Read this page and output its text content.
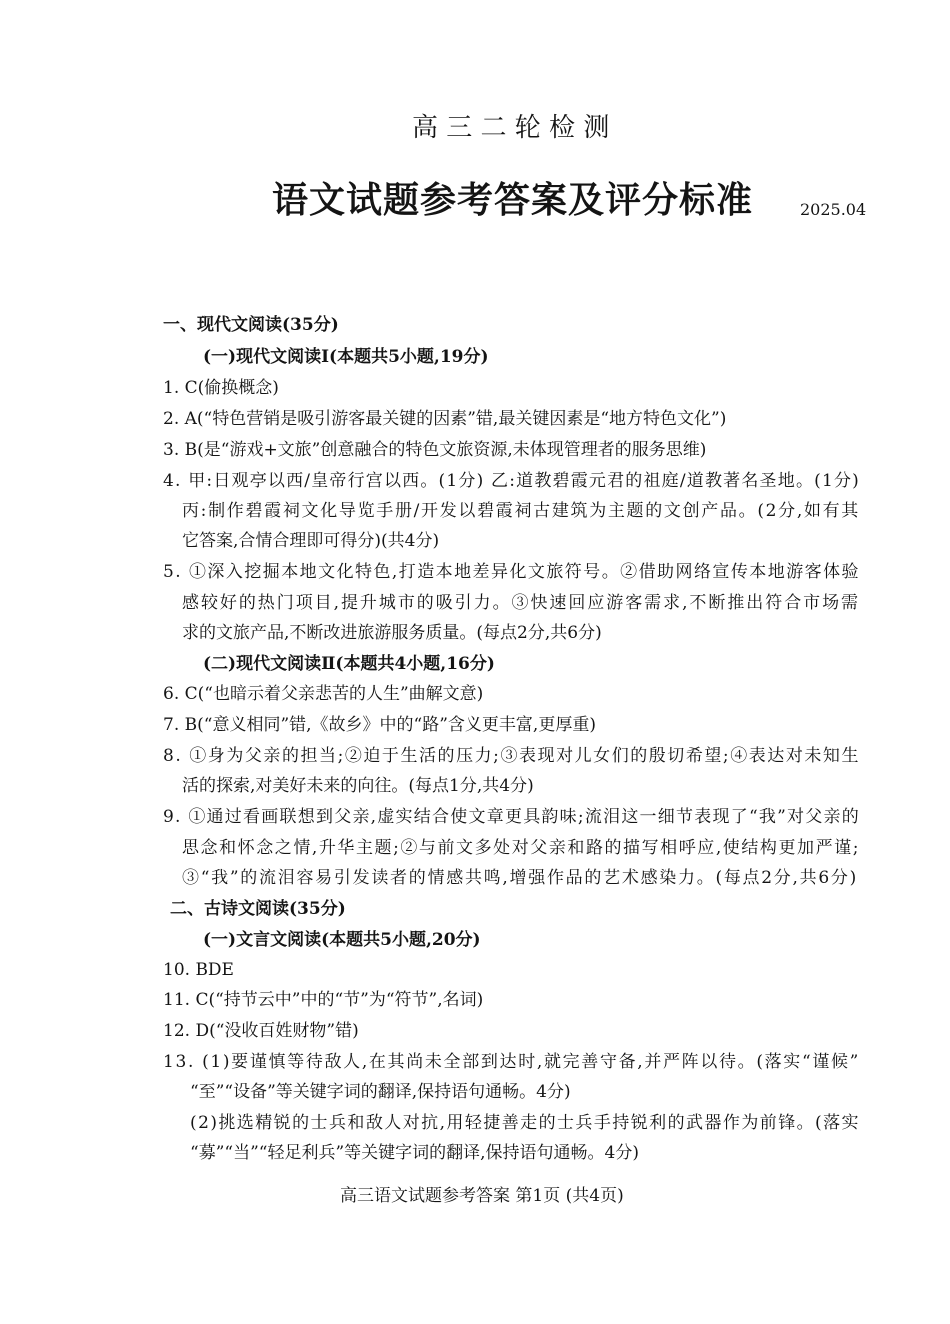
高 三 二 轮 检 测
语文试题参考答案及评分标准	2025.04
一、现代文阅读(35分)
(一)现代文阅读Ⅰ(本题共5小题,19分)
1. C(偷换概念)
2. A(“特色营销是吸引游客最关键的因素”错,最关键因素是“地方特色文化”)
3. B(是“游戏+文旅”创意融合的特色文旅资源,未体现管理者的服务思维)
4. 甲:日观亭以西/皇帝行宫以西。(1分) 乙:道教碧霞元君的祖庭/道教著名圣地。(1分)
丙:制作碧霞祠文化导览手册/开发以碧霞祠古建筑为主题的文创产品。(2分,如有其
它答案,合情合理即可得分)(共4分)
5. ①深入挖掘本地文化特色,打造本地差异化文旅符号。②借助网络宣传本地游客体验
感较好的热门项目,提升城市的吸引力。③快速回应游客需求,不断推出符合市场需
求的文旅产品,不断改进旅游服务质量。(每点2分,共6分)
(二)现代文阅读Ⅱ(本题共4小题,16分)
6. C(“也暗示着父亲悲苦的人生”曲解文意)
7. B(“意义相同”错,《故乡》中的“路”含义更丰富,更厚重)
8. ①身为父亲的担当;②迫于生活的压力;③表现对儿女们的殷切希望;④表达对未知生
活的探索,对美好未来的向往。(每点1分,共4分)
9. ①通过看画联想到父亲,虚实结合使文章更具韵味;流泪这一细节表现了“我”对父亲的
思念和怀念之情,升华主题;②与前文多处对父亲和路的描写相呼应,使结构更加严谨;
③“我”的流泪容易引发读者的情感共鸣,增强作品的艺术感染力。(每点2分,共6分)
二、古诗文阅读(35分)
(一)文言文阅读(本题共5小题,20分)
10. BDE
11. C(“持节云中”中的“节”为“符节”,名词)
12. D(“没收百姓财物”错)
13. (1)要谨慎等待敌人,在其尚未全部到达时,就完善守备,并严阵以待。(落实“谨候”
“至”“设备”等关键字词的翻译,保持语句通畅。4分)
(2)挑选精锐的士兵和敌人对抗,用轻捷善走的士兵手持锐利的武器作为前锋。(落实
“募”“当”“轻足利兵”等关键字词的翻译,保持语句通畅。4分)
高三语文试题参考答案 第1页 (共4页)
